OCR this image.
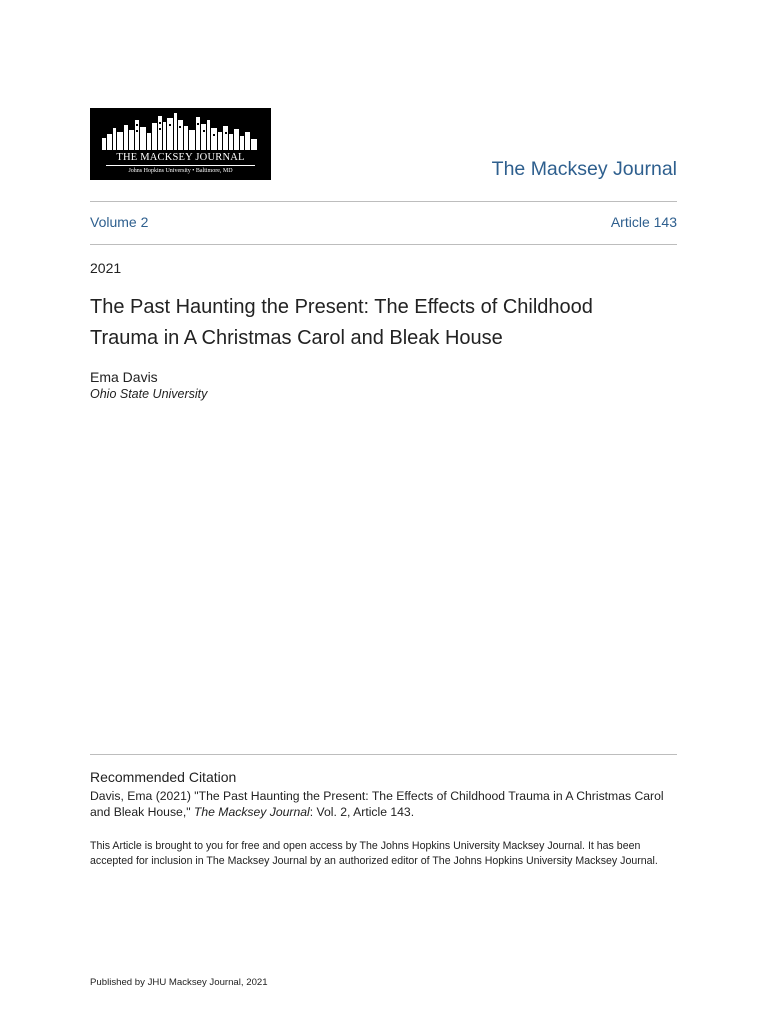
THE MACKSEY JOURNAL
Johns Hopkins University • Baltimore, MD	The Macksey Journal
Volume 2	Article 143
2021
The Past Haunting the Present: The Effects of Childhood Trauma in A Christmas Carol and Bleak House
Ema Davis
Ohio State University
Recommended Citation
Davis, Ema (2021) "The Past Haunting the Present: The Effects of Childhood Trauma in A Christmas Carol and Bleak House," The Macksey Journal: Vol. 2, Article 143.
This Article is brought to you for free and open access by The Johns Hopkins University Macksey Journal. It has been accepted for inclusion in The Macksey Journal by an authorized editor of The Johns Hopkins University Macksey Journal.
Published by JHU Macksey Journal, 2021
